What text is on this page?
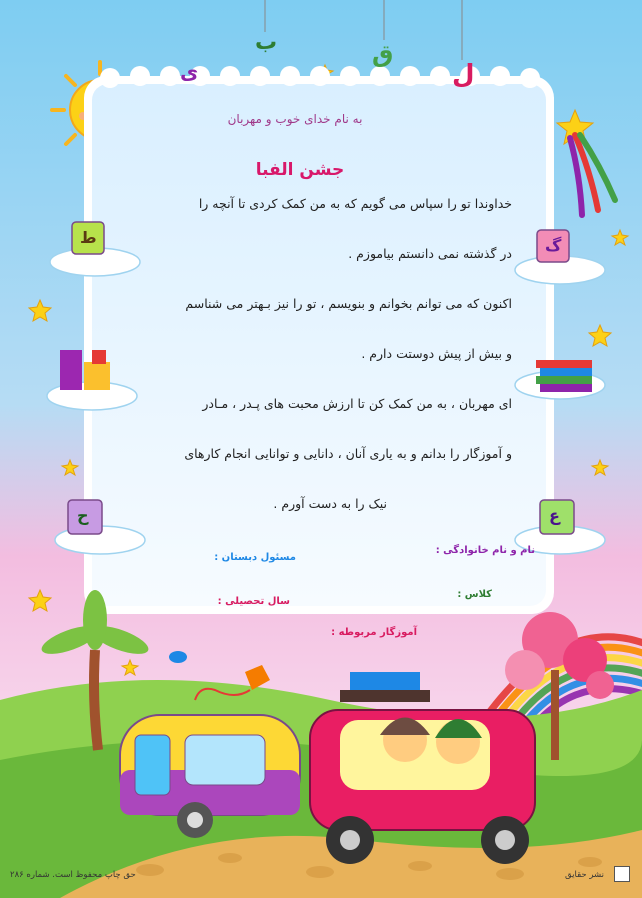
ب
ی
ق
ل
ط	گ
ح	ع
به نام خدای خوب و مهربان
جشن الفبا
خداوندا تو را سپاس می گویم که به من کمک کردی تا آنچه را
در گذشته نمی دانستم بیاموزم .
اکنون که می توانم بخوانم و بنویسم ، تو را نیز بـهتر می شناسم
و بیش از پیش دوستت دارم .
ای مهربان ، به من کمک کن تا ارزش محبت های پـدر ، مـادر
و آموزگار را بدانم و به یاری آنان ، دانایی و توانایی انجام کارهای
نیک را به دست آورم .
نام و نام خانوادگی :
مسئول دبستان :
کلاس :
سال تحصیلی :
آموزگار مربوطه :
حق چاپ محفوظ است. شماره ۲۸۶	نشر حقایق
